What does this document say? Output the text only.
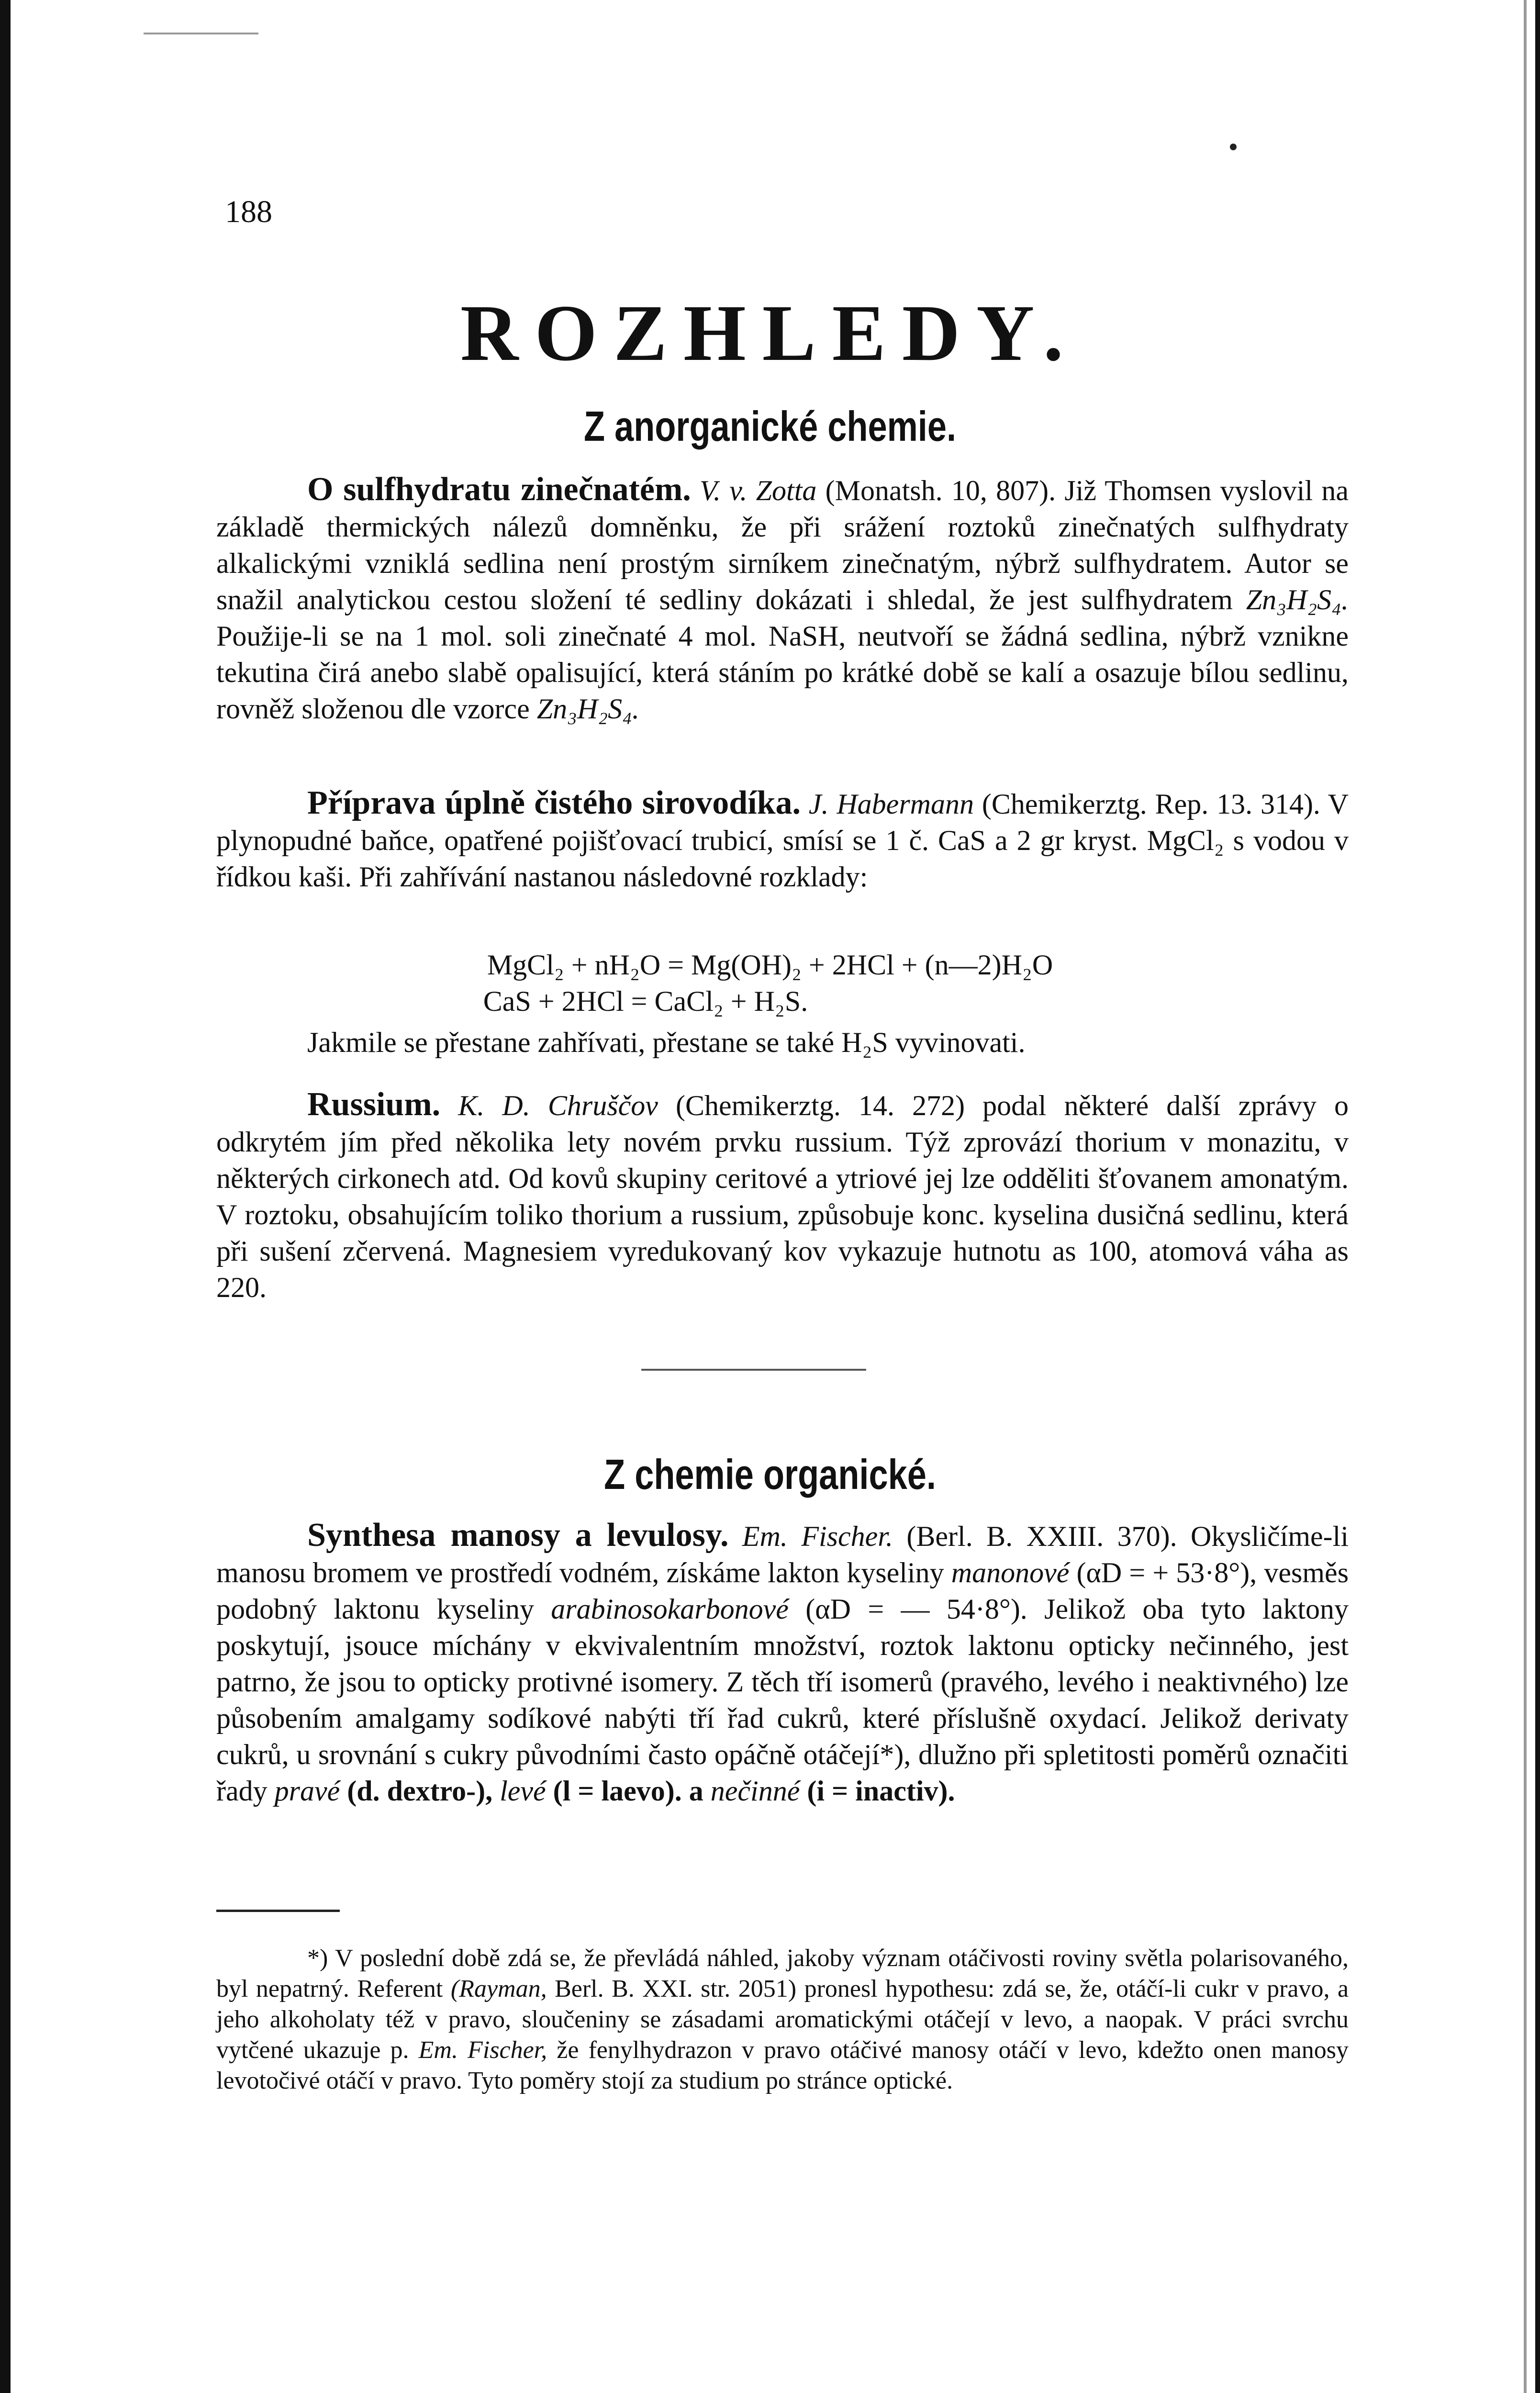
188
ROZHLEDY.
Z anorganické chemie.

O sulfhydratu zinečnatém. V. v. Zotta (Monatsh. 10, 807). Již Thomsen vyslovil na základě thermických nálezů domněnku, že při srážení roztoků zinečnatých sulfhydraty alkalickými vzniklá sedlina není prostým sirníkem zinečnatým, nýbrž sulfhydratem. Autor se snažil analytickou cestou složení té sedliny dokázati i shledal, že jest sulfhydratem Zn₃H₂S₄. Použije-li se na 1 mol. soli zinečnaté 4 mol. NaSH, neutvoří se žádná sedlina, nýbrž vznikne tekutina čirá anebo slabě opalisující, která stáním po krátké době se kalí a osazuje bílou sedlinu, rovněž složenou dle vzorce Zn₃H₂S₄.

Příprava úplně čistého sirovodíka. J. Habermann (Chemikerztg. Rep. 13. 314). V plynopudné baňce, opatřené pojišťovací trubicí, smísí se 1 č. CaS a 2 gr kryst. MgCl₂ s vodou v řídkou kaši. Při zahřívání nastanou následovné rozklady:

MgCl₂ + nH₂O = Mg(OH)₂ + 2HCl + (n—2)H₂O
CaS + 2HCl = CaCl₂ + H₂S.

Jakmile se přestane zahřívati, přestane se také H₂S vyvinovati.

Russium. K. D. Chruščov (Chemikerztg. 14. 272) podal některé další zprávy o odkrytém jím před několika lety novém prvku russium. Týž zprovází thorium v monazitu, v některých cirkonech atd. Od kovů skupiny ceritové a ytriové jej lze odděliti šťovanem amonatým. V roztoku, obsahujícím toliko thorium a russium, způsobuje konc. kyselina dusičná sedlinu, která při sušení zčervená. Magnesiem vyredukovaný kov vykazuje hutnotu as 100, atomová váha as 220.

Z chemie organické.

Synthesa manosy a levulosy. Em. Fischer. (Berl. B. XXIII. 370). Okysličíme-li manosu bromem ve prostředí vodném, získáme lakton kyseliny manonové (αD = + 53·8°), vesměs podobný laktonu kyseliny arabinosokarbonové (αD = — 54·8°). Jelikož oba tyto laktony poskytují, jsouce míchány v ekvivalentním množství, roztok laktonu opticky nečinného, jest patrno, že jsou to opticky protivné isomery. Z těch tří isomerů (pravého, levého i neaktivného) lze působením amalgamy sodíkové nabýti tří řad cukrů, které příslušně oxydací. Jelikož derivaty cukrů, u srovnání s cukry původními často opáčně otáčejí*), dlužno při spletitosti poměrů označiti řady pravé (d. dextro-), levé (l = laevo). a nečinné (i = inactiv).

*) V poslední době zdá se, že převládá náhled, jakoby význam otáčivosti roviny světla polarisovaného, byl nepatrný. Referent (Rayman, Berl. B. XXI. str. 2051) pronesl hypothesu: zdá se, že, otáčí-li cukr v pravo, a jeho alkoholaty též v pravo, sloučeniny se zásadami aromatickými otáčejí v levo, a naopak. V práci svrchu vytčené ukazuje p. Em. Fischer, že fenylhydrazon v pravo otáčivé manosy otáčí v levo, kdežto onen manosy levotočivé otáčí v pravo. Tyto poměry stojí za studium po stránce optické.
